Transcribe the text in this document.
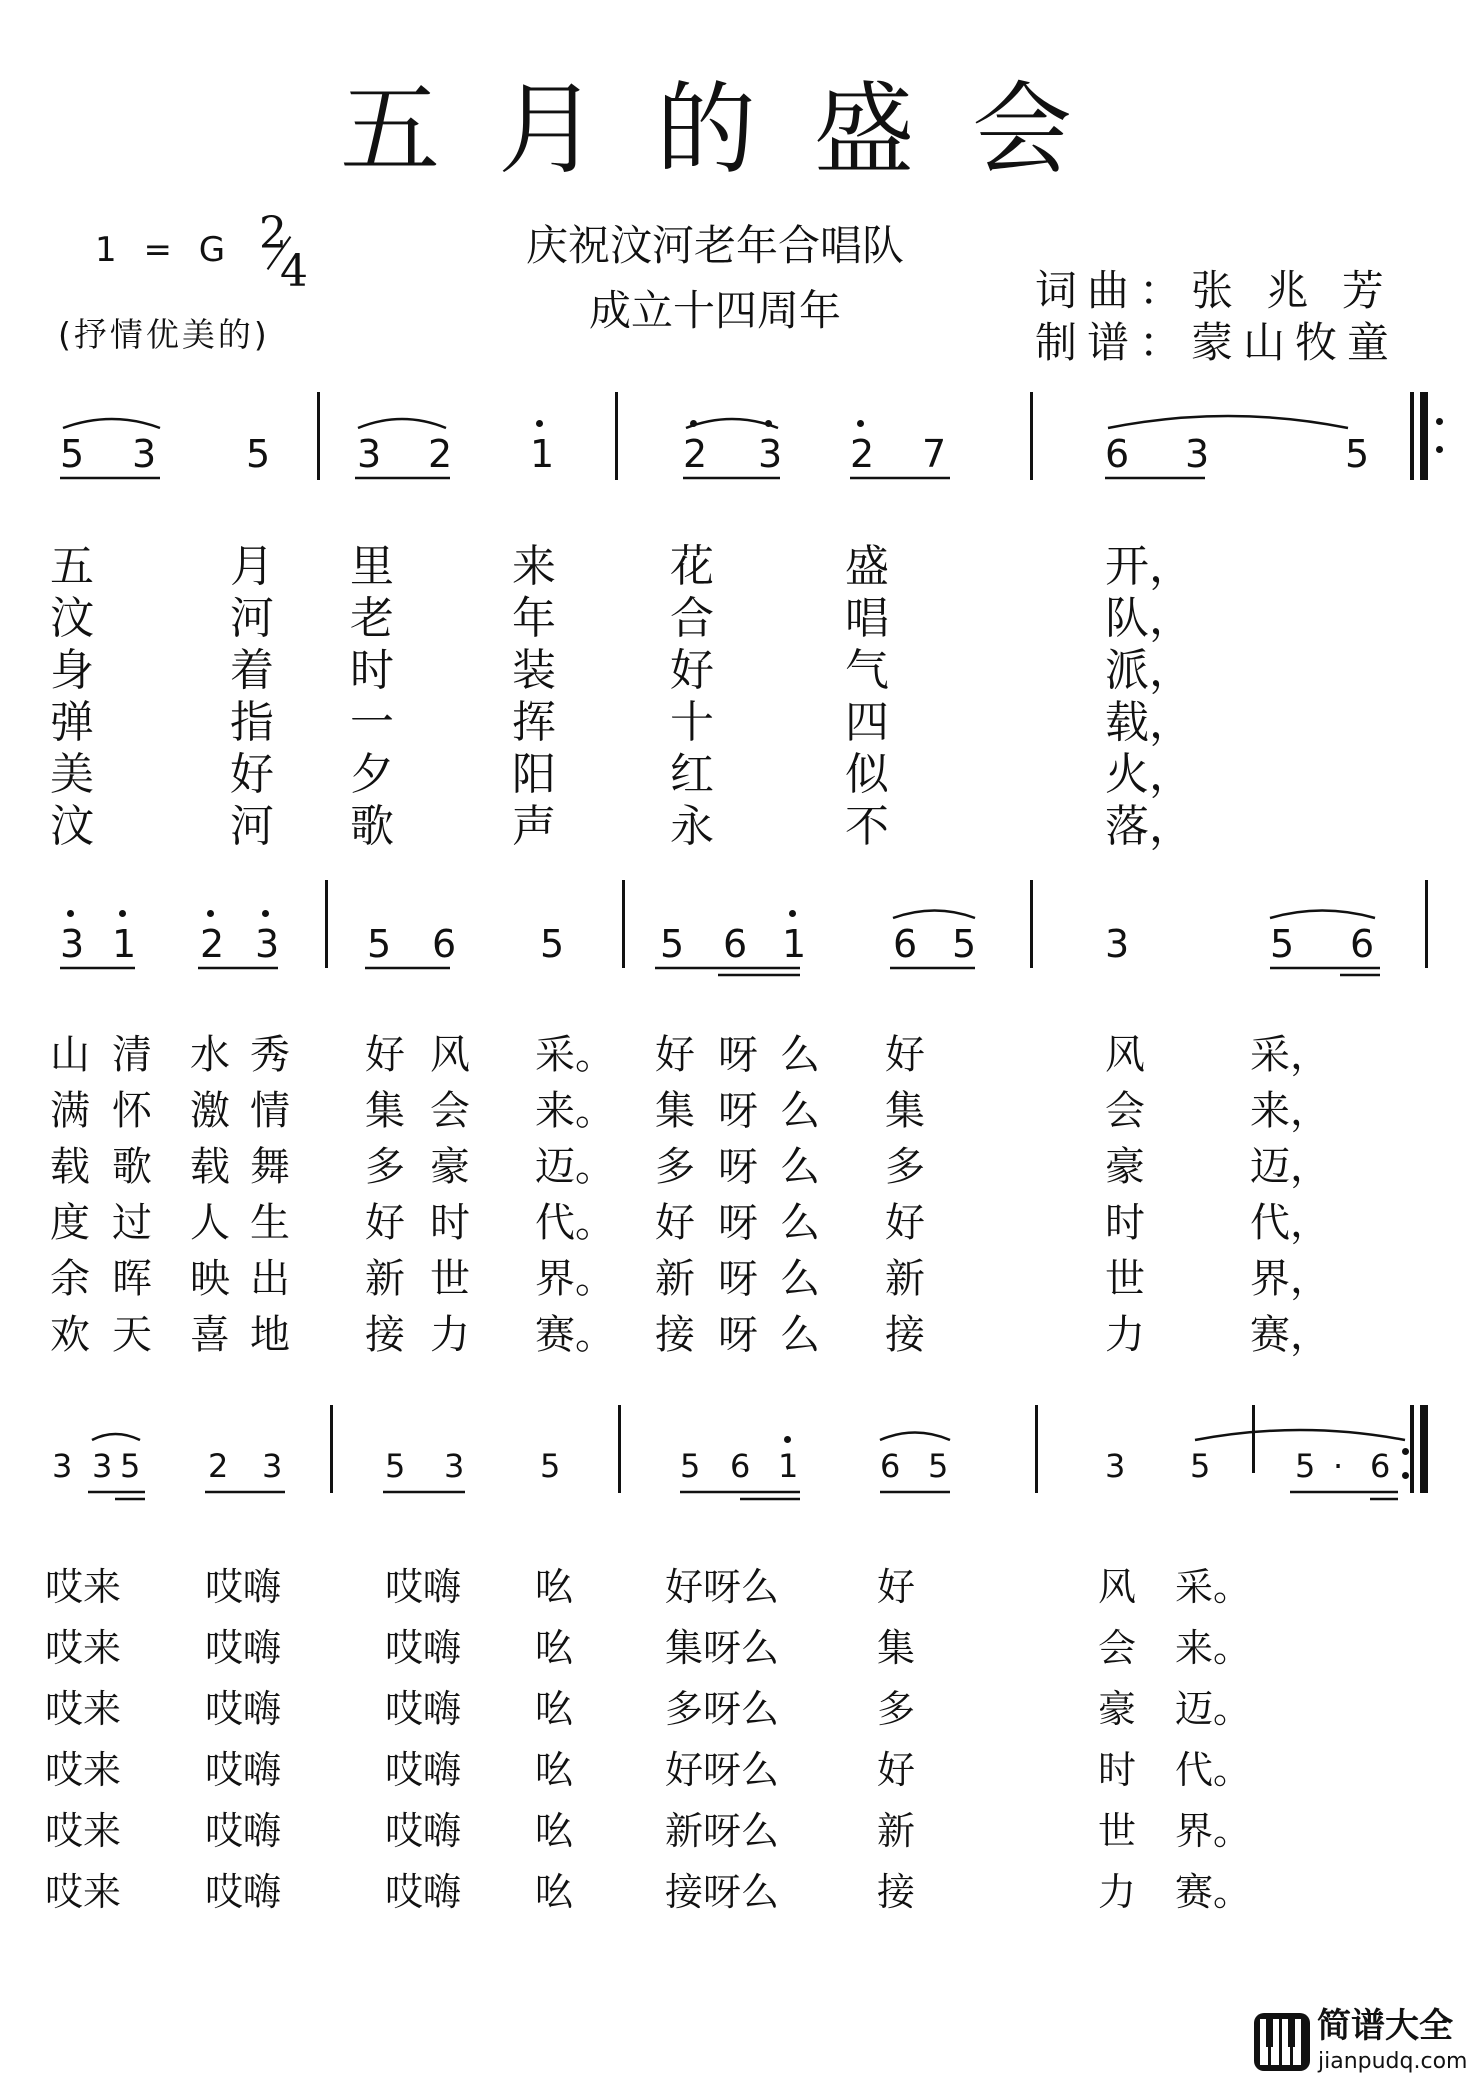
五月的盛会
1 = G 2
4
(抒情优美的)
庆祝汶河老年合唱队
成立十四周年	词曲：张 兆 芳
制谱：蒙山牧童
5 3 5 3 2 1	2 3 2 7	6 3	5
五	月 里	来	花	盛	开，
汶	河 老	年	合	唱	队，
身	着 时	装	好	气	派，
弹	指 一	挥	十	四	载，
美	好 夕	阳	红	似	火，
汶	河 歌	声	永	不	落，
3 1 2 3 5 6 5	5 6 1 6 5	3	5 6
山 清 水 秀 好 风 采。 好 呀 么 好	风	采，
满 怀 激 情 集 会 来。 集 呀 么 集	会	来，
载 歌 载 舞 多 豪 迈。 多 呀 么 多	豪	迈，
度 过 人 生 好 时 代。 好 呀 么 好	时	代，
余 晖 映 出 新 世 界。 新 呀 么 新	世	界，
欢 天 喜 地 接 力 赛。 接 呀 么 接	力	赛，
3 3 5 2 3	5 3 5	5 6 1	6 5	3 5	5 · 6
哎来 哎嗨	哎嗨 吆 好呀么	好	风 采。
哎来 哎嗨	哎嗨 吆 集呀么	集	会 来。
哎来 哎嗨	哎嗨 吆 多呀么	多	豪 迈。
哎来 哎嗨	哎嗨 吆 好呀么	好	时 代。
哎来 哎嗨	哎嗨 吆 新呀么	新	世 界。
哎来 哎嗨	哎嗨 吆 接呀么	接	力 赛。
简谱大全
jianpudq.com
